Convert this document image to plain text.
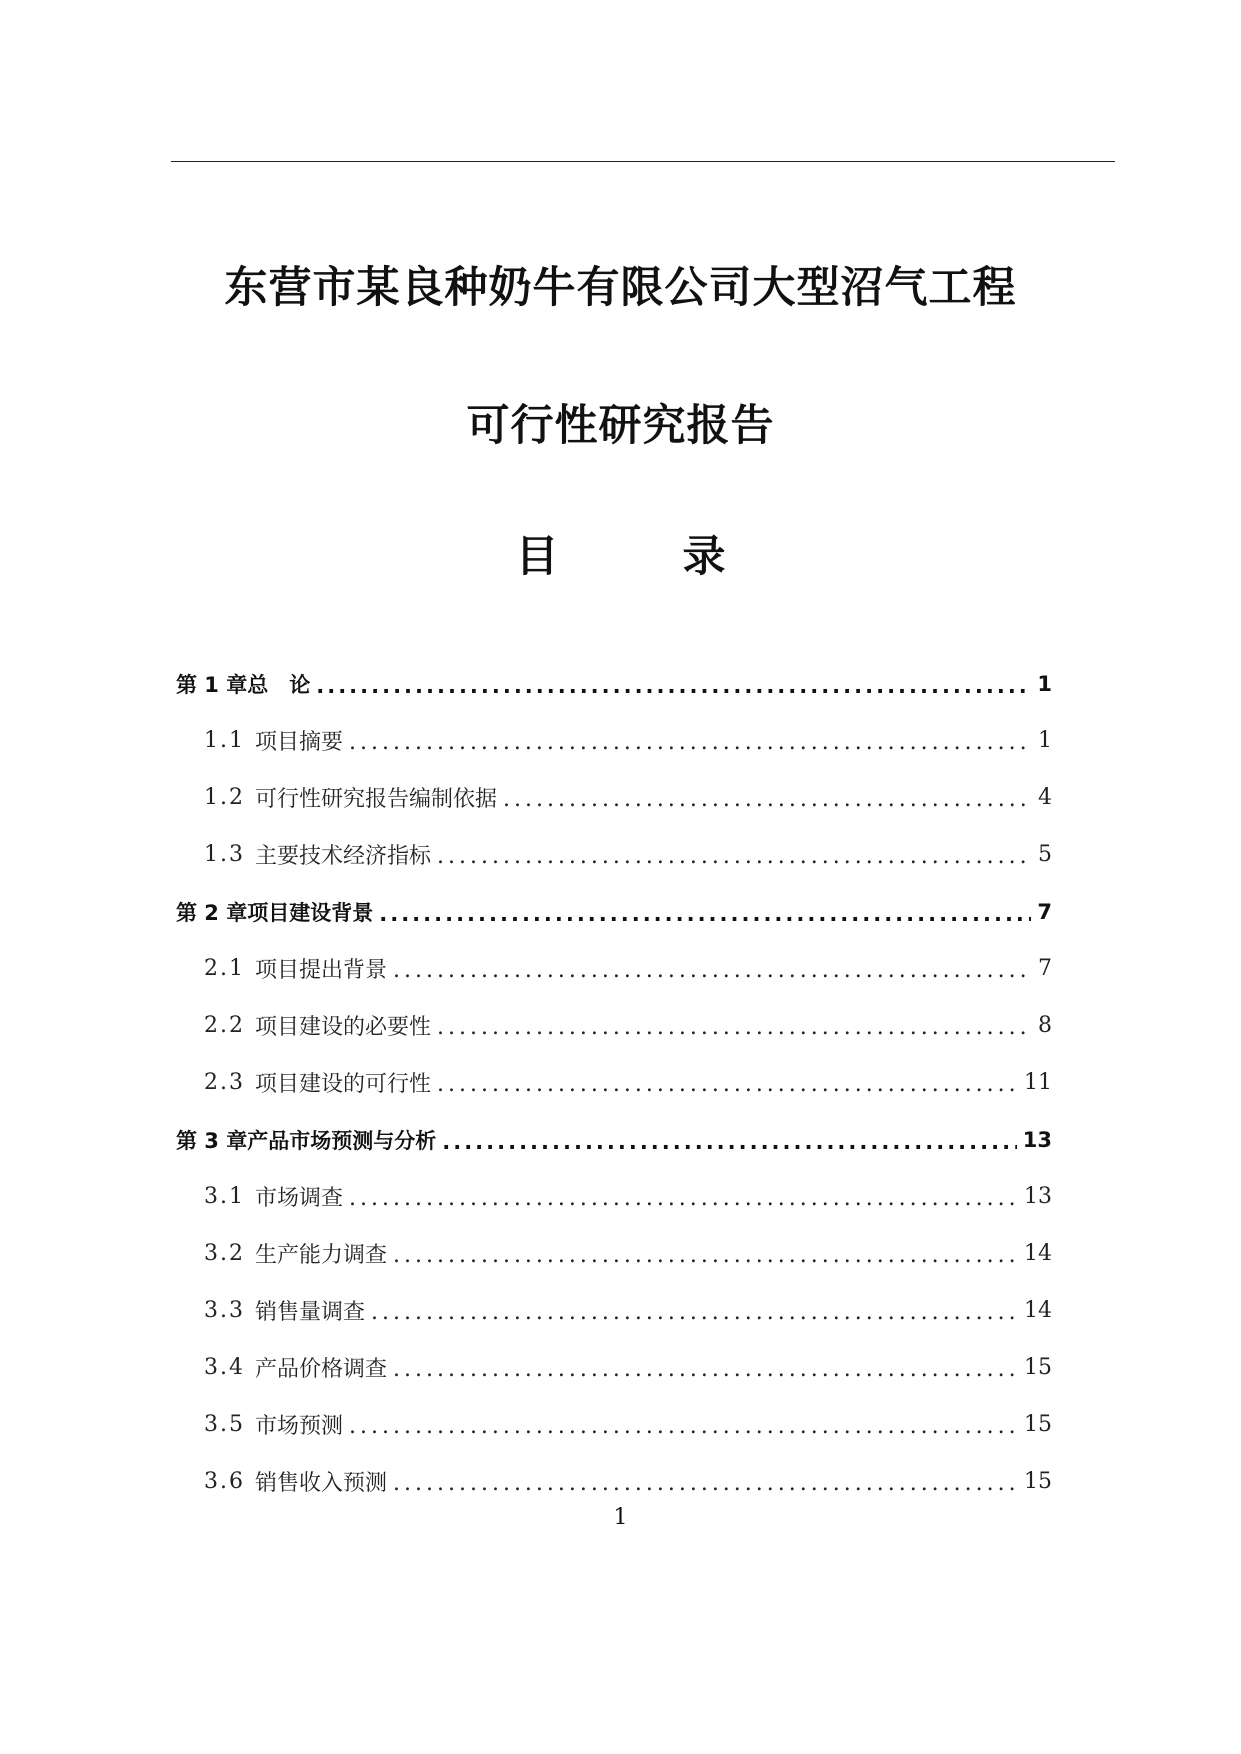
东营市某良种奶牛有限公司大型沼气工程
可行性研究报告
目	录
第 1 章 总　论 .....	1
1.1 项目摘要 .....	1
1.2 可行性研究报告编制依据 .....	4
1.3 主要技术经济指标 .....	5
第 2 章 项目建设背景 .....	7
2.1 项目提出背景 .....	7
2.2 项目建设的必要性 .....	8
2.3 项目建设的可行性 .....	11
第 3 章 产品市场预测与分析 .....	13
3.1 市场调查 .....	13
3.2 生产能力调查 .....	14
3.3 销售量调查 .....	14
3.4 产品价格调查 .....	15
3.5 市场预测 .....	15
3.6 销售收入预测 .....	15
1
